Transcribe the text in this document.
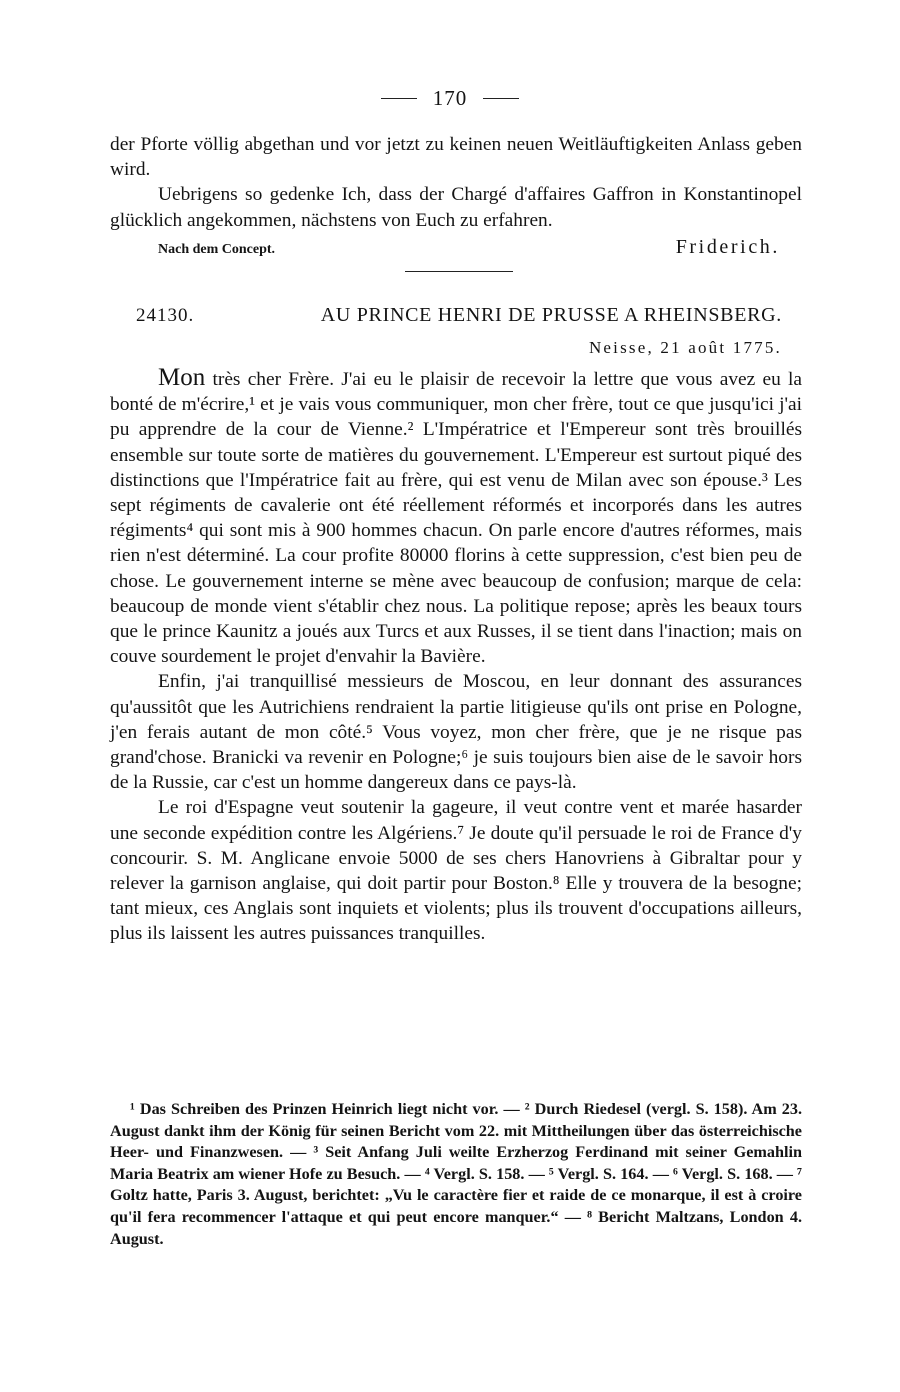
170

der Pforte völlig abgethan und vor jetzt zu keinen neuen Weitläuftigkeiten Anlass geben wird.

Uebrigens so gedenke Ich, dass der Chargé d'affaires Gaffron in Konstantinopel glücklich angekommen, nächstens von Euch zu erfahren.

Nach dem Concept.	Friderich.
24130.	AU PRINCE HENRI DE PRUSSE A RHEINSBERG.
Neisse, 21 août 1775.

Mon très cher Frère. J'ai eu le plaisir de recevoir la lettre que vous avez eu la bonté de m'écrire,¹ et je vais vous communiquer, mon cher frère, tout ce que jusqu'ici j'ai pu apprendre de la cour de Vienne.² L'Impératrice et l'Empereur sont très brouillés ensemble sur toute sorte de matières du gouvernement. L'Empereur est surtout piqué des distinctions que l'Impératrice fait au frère, qui est venu de Milan avec son épouse.³ Les sept régiments de cavalerie ont été réellement réformés et incorporés dans les autres régiments⁴ qui sont mis à 900 hommes chacun. On parle encore d'autres réformes, mais rien n'est déterminé. La cour profite 80000 florins à cette suppression, c'est bien peu de chose. Le gouvernement interne se mène avec beaucoup de confusion; marque de cela: beaucoup de monde vient s'établir chez nous. La politique repose; après les beaux tours que le prince Kaunitz a joués aux Turcs et aux Russes, il se tient dans l'inaction; mais on couve sourdement le projet d'envahir la Bavière.

Enfin, j'ai tranquillisé messieurs de Moscou, en leur donnant des assurances qu'aussitôt que les Autrichiens rendraient la partie litigieuse qu'ils ont prise en Pologne, j'en ferais autant de mon côté.⁵ Vous voyez, mon cher frère, que je ne risque pas grand'chose. Branicki va revenir en Pologne;⁶ je suis toujours bien aise de le savoir hors de la Russie, car c'est un homme dangereux dans ce pays-là.

Le roi d'Espagne veut soutenir la gageure, il veut contre vent et marée hasarder une seconde expédition contre les Algériens.⁷ Je doute qu'il persuade le roi de France d'y concourir. S. M. Anglicane envoie 5000 de ses chers Hanovriens à Gibraltar pour y relever la garnison anglaise, qui doit partir pour Boston.⁸ Elle y trouvera de la besogne; tant mieux, ces Anglais sont inquiets et violents; plus ils trouvent d'occupations ailleurs, plus ils laissent les autres puissances tranquilles.

¹ Das Schreiben des Prinzen Heinrich liegt nicht vor. — ² Durch Riedesel (vergl. S. 158). Am 23. August dankt ihm der König für seinen Bericht vom 22. mit Mittheilungen über das österreichische Heer- und Finanzwesen. — ³ Seit Anfang Juli weilte Erzherzog Ferdinand mit seiner Gemahlin Maria Beatrix am wiener Hofe zu Besuch. — ⁴ Vergl. S. 158. — ⁵ Vergl. S. 164. — ⁶ Vergl. S. 168. — ⁷ Goltz hatte, Paris 3. August, berichtet: „Vu le caractère fier et raide de ce monarque, il est à croire qu'il fera recommencer l'attaque et qui peut encore manquer.“ — ⁸ Bericht Maltzans, London 4. August.
